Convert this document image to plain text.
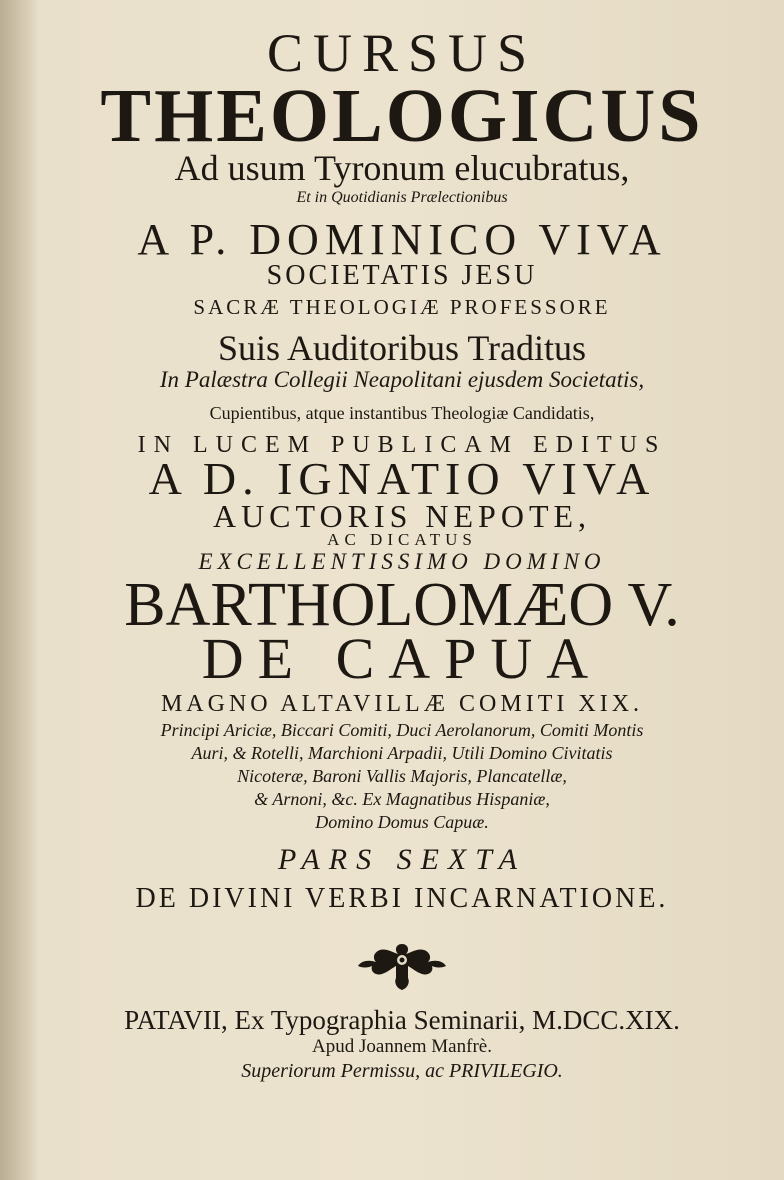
CURSUS
THEOLOGICUS
Ad usum Tyronum elucubratus,
Et in Quotidianis Prælectionibus
A P. DOMINICO VIVA
SOCIETATIS JESU
SACRÆ THEOLOGIÆ PROFESSORE
Suis Auditoribus Traditus
In Palæstra Collegii Neapolitani ejusdem Societatis,
Cupientibus, atque instantibus Theologiæ Candidatis,
IN LUCEM PUBLICAM EDITUS
A D. IGNATIO VIVA
AUCTORIS NEPOTE,
AC DICATUS
EXCELLENTISSIMO DOMINO
BARTHOLOMÆO V.
DE CAPUA
MAGNO ALTAVILLÆ COMITI XIX.
Principi Ariciæ, Biccari Comiti, Duci Aerolanorum, Comiti Montis
Auri, & Rotelli, Marchioni Arpadii, Utili Domino Civitatis
Nicoteræ, Baroni Vallis Majoris, Plancatellæ,
& Arnoni, &c. Ex Magnatibus Hispaniæ,
Domino Domus Capuæ.
PARS SEXTA
DE DIVINI VERBI INCARNATIONE.
PATAVII, Ex Typographia Seminarii, M.DCC.XIX.
Apud Joannem Manfrè.
Superiorum Permissu, ac PRIVILEGIO.
